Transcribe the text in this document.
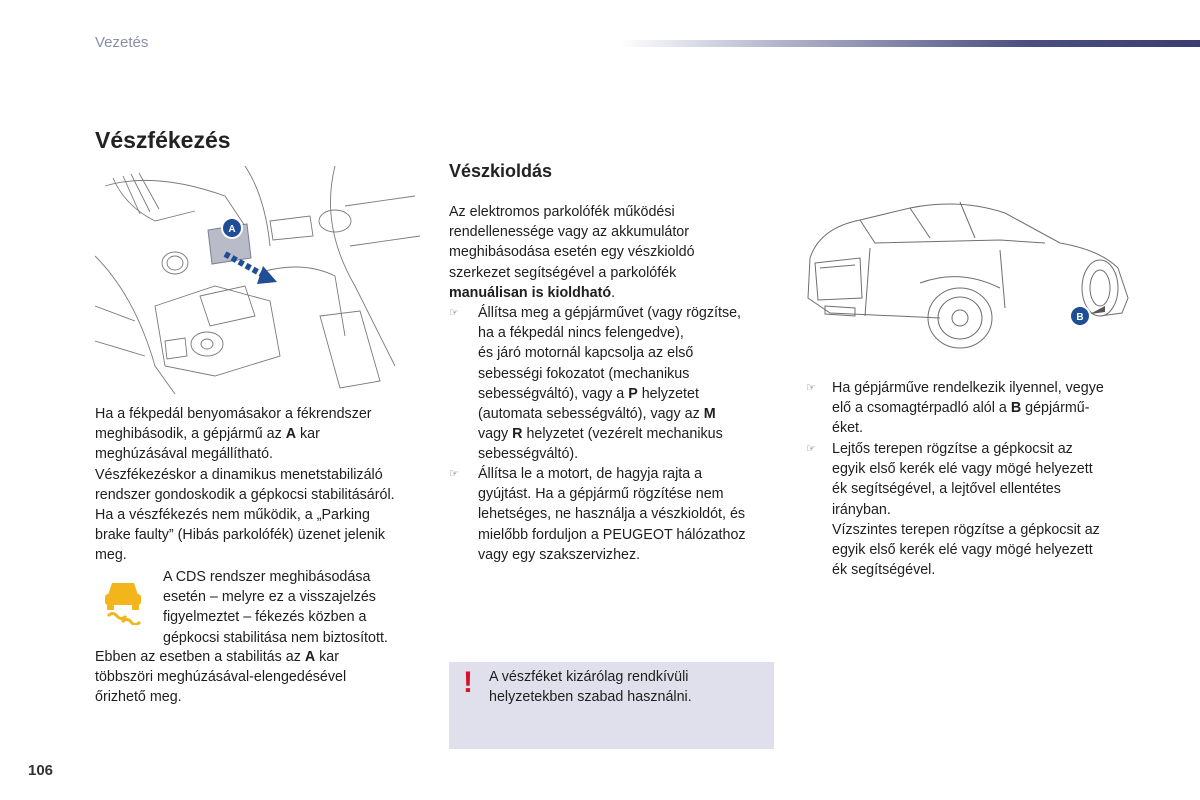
Vezetés
Vészfékezés
A
Ha a fékpedál benyomásakor a fékrendszer
meghibásodik, a gépjármű az A kar
meghúzásával megállítható.
Vészfékezéskor a dinamikus menetstabilizáló
rendszer gondoskodik a gépkocsi stabilitásáról.
Ha a vészfékezés nem működik, a „Parking
brake faulty” (Hibás parkolófék) üzenet jelenik
meg.
A CDS rendszer meghibásodása
esetén – melyre ez a visszajelzés
figyelmeztet – fékezés közben a
gépkocsi stabilitása nem biztosított.
Ebben az esetben a stabilitás az A kar
többszöri meghúzásával-elengedésével
őrizhető meg.
Vészkioldás
Az elektromos parkolófék működési
rendellenessége vagy az akkumulátor
meghibásodása esetén egy vészkioldó
szerkezet segítségével a parkolófék
manuálisan is kioldható.
☞ Állítsa meg a gépjárművet (vagy rögzítse,
ha a fékpedál nincs felengedve),
és járó motornál kapcsolja az első
sebességi fokozatot (mechanikus
sebességváltó), vagy a P helyzetet
(automata sebességváltó), vagy az M
vagy R helyzetet (vezérelt mechanikus
sebességváltó).
☞ Állítsa le a motort, de hagyja rajta a
gyújtást. Ha a gépjármű rögzítése nem
lehetséges, ne használja a vészkioldót, és
mielőbb forduljon a PEUGEOT hálózathoz
vagy egy szakszervizhez.
! A vészféket kizárólag rendkívüli
helyzetekben szabad használni.
B
☞ Ha gépjárműve rendelkezik ilyennel, vegye
elő a csomagtérpadló alól a B gépjármű-
éket.
☞ Lejtős terepen rögzítse a gépkocsit az
egyik első kerék elé vagy mögé helyezett
ék segítségével, a lejtővel ellentétes
irányban.
Vízszintes terepen rögzítse a gépkocsit az
egyik első kerék elé vagy mögé helyezett
ék segítségével.
106
